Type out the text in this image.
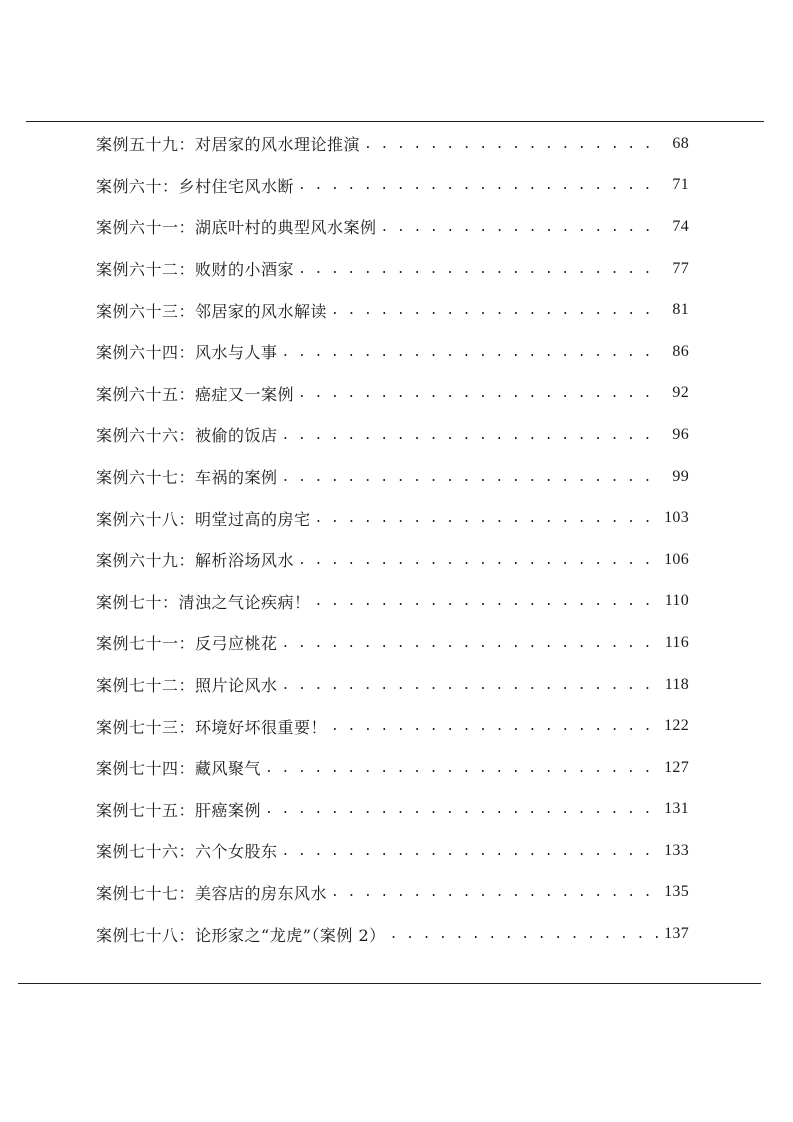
案例五十九： 对居家的风水理论推演 . . .	68
案例六十： 乡村住宅风水断 . . .	71
案例六十一： 湖底叶村的典型风水案例 . . .	74
案例六十二： 败财的小酒家 . . .	77
案例六十三： 邻居家的风水解读 . . .	81
案例六十四： 风水与人事 . . .	86
案例六十五： 癌症又一案例 . . .	92
案例六十六： 被偷的饭店 . . .	96
案例六十七： 车祸的案例 . . .	99
案例六十八： 明堂过高的房宅 . . .	103
案例六十九： 解析浴场风水 . . .	106
案例七十： 清浊之气论疾病！ . . .	110
案例七十一： 反弓应桃花 . . .	116
案例七十二： 照片论风水 . . .	118
案例七十三： 环境好坏很重要！ . . .	122
案例七十四： 藏风聚气 . . .	127
案例七十五： 肝癌案例 . . .	131
案例七十六： 六个女股东 . . .	133
案例七十七： 美容店的房东风水 . . .	135
案例七十八： 论形家之“龙虎”（案例 2） . . .	137
